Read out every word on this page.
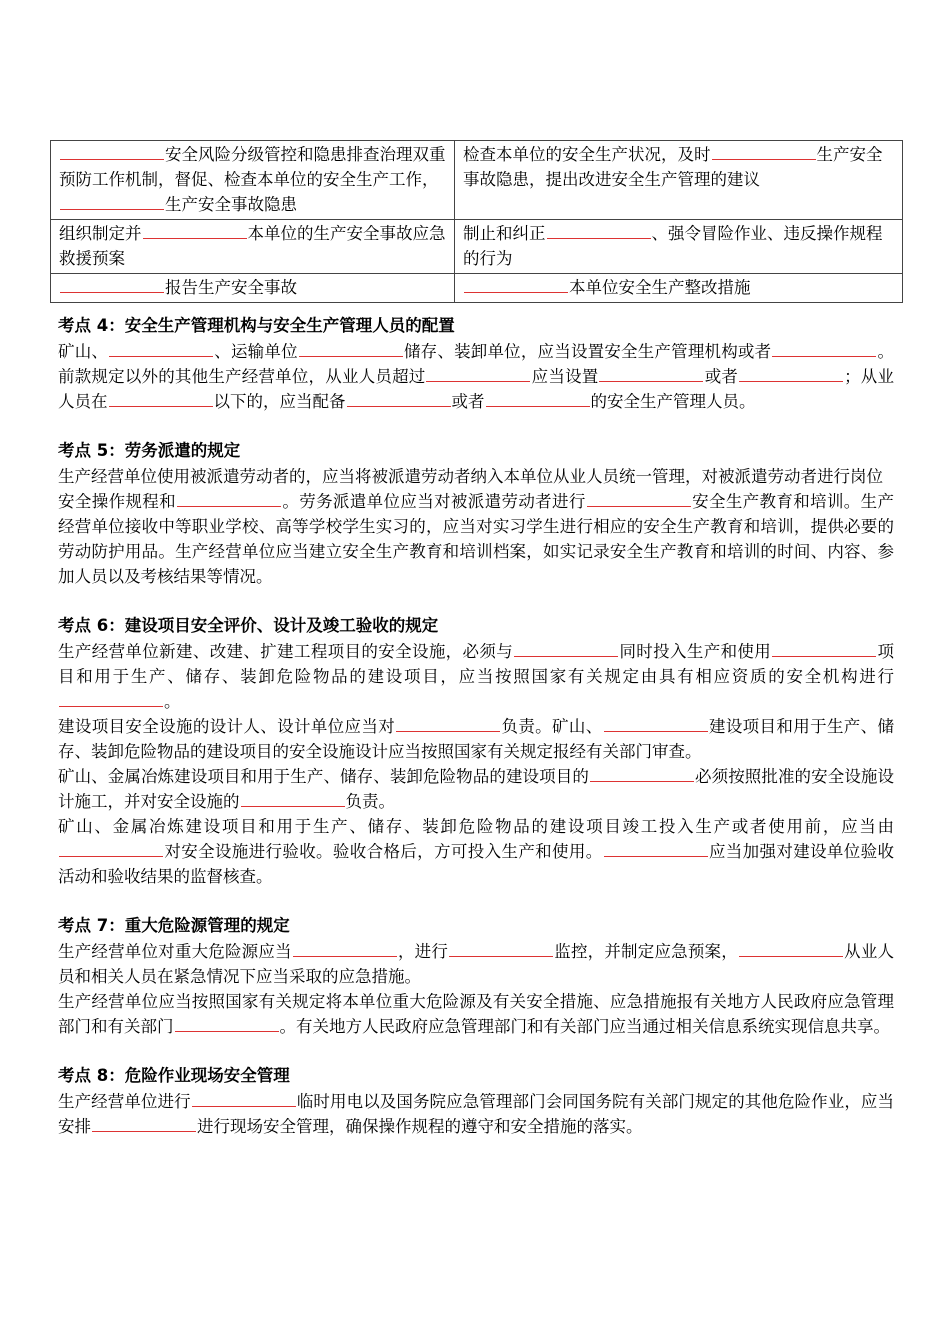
安全风险分级管控和隐患排查治理双重预防工作机制，督促、检查本单位的安全生产工作，生产安全事故隐患	检查本单位的安全生产状况，及时 生产安全事故隐患，提出改进安全生产管理的建议
组织制定并 本单位的生产安全事故应急救援预案	制止和纠正 、强令冒险作业、违反操作规程的行为
报告生产安全事故	本单位安全生产整改措施
考点 4：安全生产管理机构与安全生产管理人员的配置
矿山、	、运输单位	储存、装卸单位，应当设置安全生产管理机构或者	。前款规定以外的其他生产经营单位，从业人员超过	应当设置	或者	；从业人员在	以下的，应当配备	或者	的安全生产管理人员。
考点 5：劳务派遣的规定
生产经营单位使用被派遣劳动者的，应当将被派遣劳动者纳入本单位从业人员统一管理，对被派遣劳动者进行岗位
安全操作规程和	。劳务派遣单位应当对被派遣劳动者进行	安全生产教育和培训。生产经营单位接收中等职业学校、高等学校学生实习的，应当对实习学生进行相应的安全生产教育和培训，提供必要的劳动防护用品。生产经营单位应当建立安全生产教育和培训档案，如实记录安全生产教育和培训的时间、内容、参加人员以及考核结果等情况。
考点 6：建设项目安全评价、设计及竣工验收的规定
生产经营单位新建、改建、扩建工程项目的安全设施，必须与	同时投入生产和使用	项目和用于生产、储存、装卸危险物品的建设项目，应当按照国家有关规定由具有相应资质的安全机构进行。
建设项目安全设施的设计人、设计单位应当对	负责。矿山、	建设项目和用于生产、储存、装卸危险物品的建设项目的安全设施设计应当按照国家有关规定报经有关部门审查。
矿山、金属冶炼建设项目和用于生产、储存、装卸危险物品的建设项目的	必须按照批准的安全设施设计施工，并对安全设施的	负责。
矿山、金属冶炼建设项目和用于生产、储存、装卸危险物品的建设项目竣工投入生产或者使用前，应当由对安全设施进行验收。验收合格后，方可投入生产和使用。	应当加强对建设单位验收活动和验收结果的监督核查。
考点 7：重大危险源管理的规定
生产经营单位对重大危险源应当	，进行	监控，并制定应急预案，	从业人员和相关人员在紧急情况下应当采取的应急措施。
生产经营单位应当按照国家有关规定将本单位重大危险源及有关安全措施、应急措施报有关地方人民政府应急管理部门和有关部门	。有关地方人民政府应急管理部门和有关部门应当通过相关信息系统实现信息共享。
考点 8：危险作业现场安全管理
生产经营单位进行	临时用电以及国务院应急管理部门会同国务院有关部门规定的其他危险作业，应当安排	进行现场安全管理，确保操作规程的遵守和安全措施的落实。
